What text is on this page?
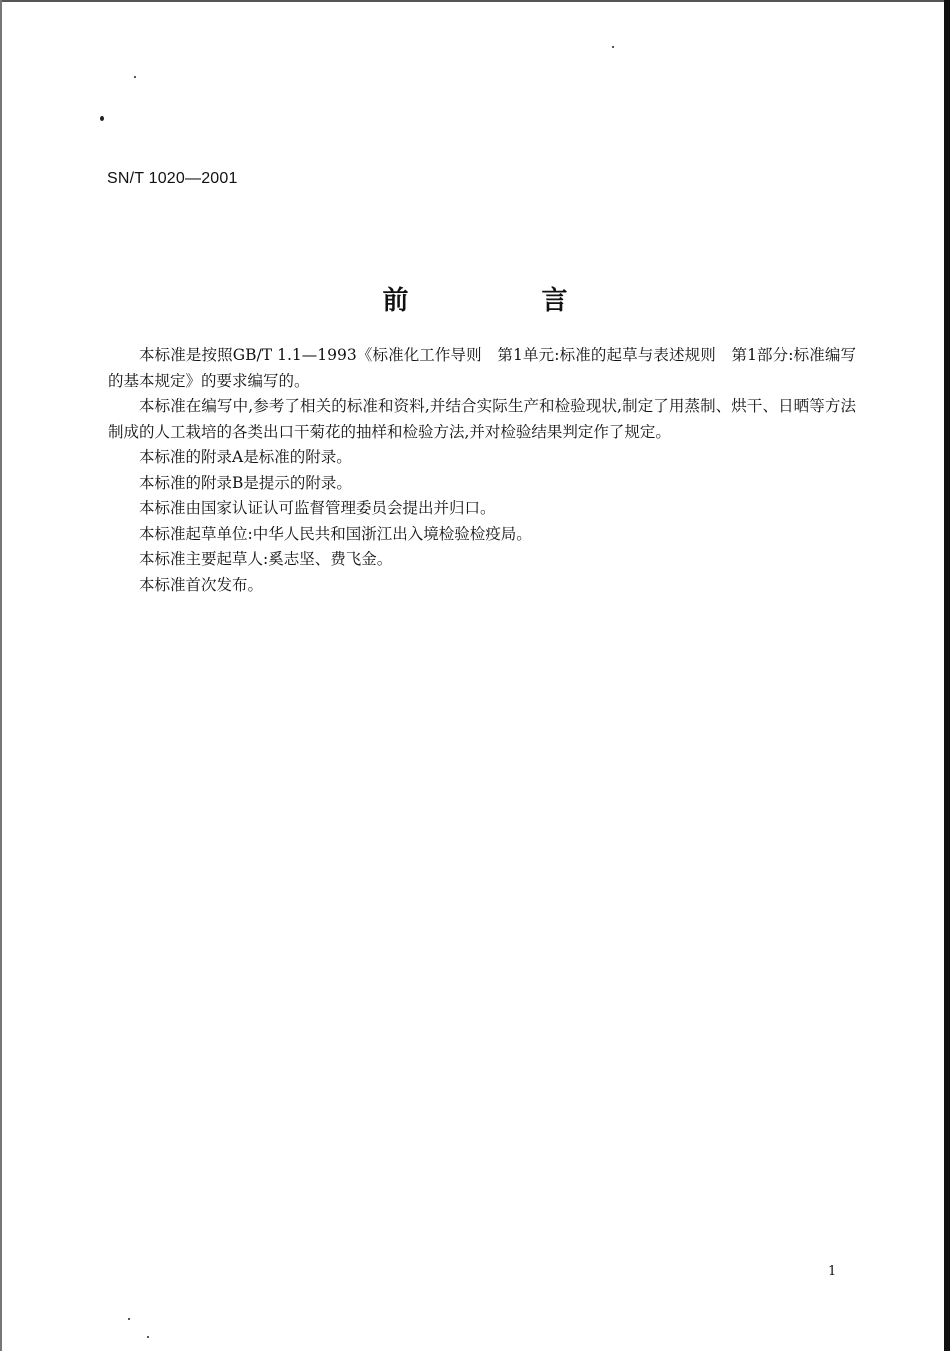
SN/T 1020—2001
前 言

本标准是按照GB/T 1.1—1993《标准化工作导则　第1单元:标准的起草与表述规则　第1部分:标准编写的基本规定》的要求编写的。

本标准在编写中,参考了相关的标准和资料,并结合实际生产和检验现状,制定了用蒸制、烘干、日晒等方法制成的人工栽培的各类出口干菊花的抽样和检验方法,并对检验结果判定作了规定。

本标准的附录A是标准的附录。

本标准的附录B是提示的附录。

本标准由国家认证认可监督管理委员会提出并归口。

本标准起草单位:中华人民共和国浙江出入境检验检疫局。

本标准主要起草人:奚志坚、费飞金。

本标准首次发布。

1
